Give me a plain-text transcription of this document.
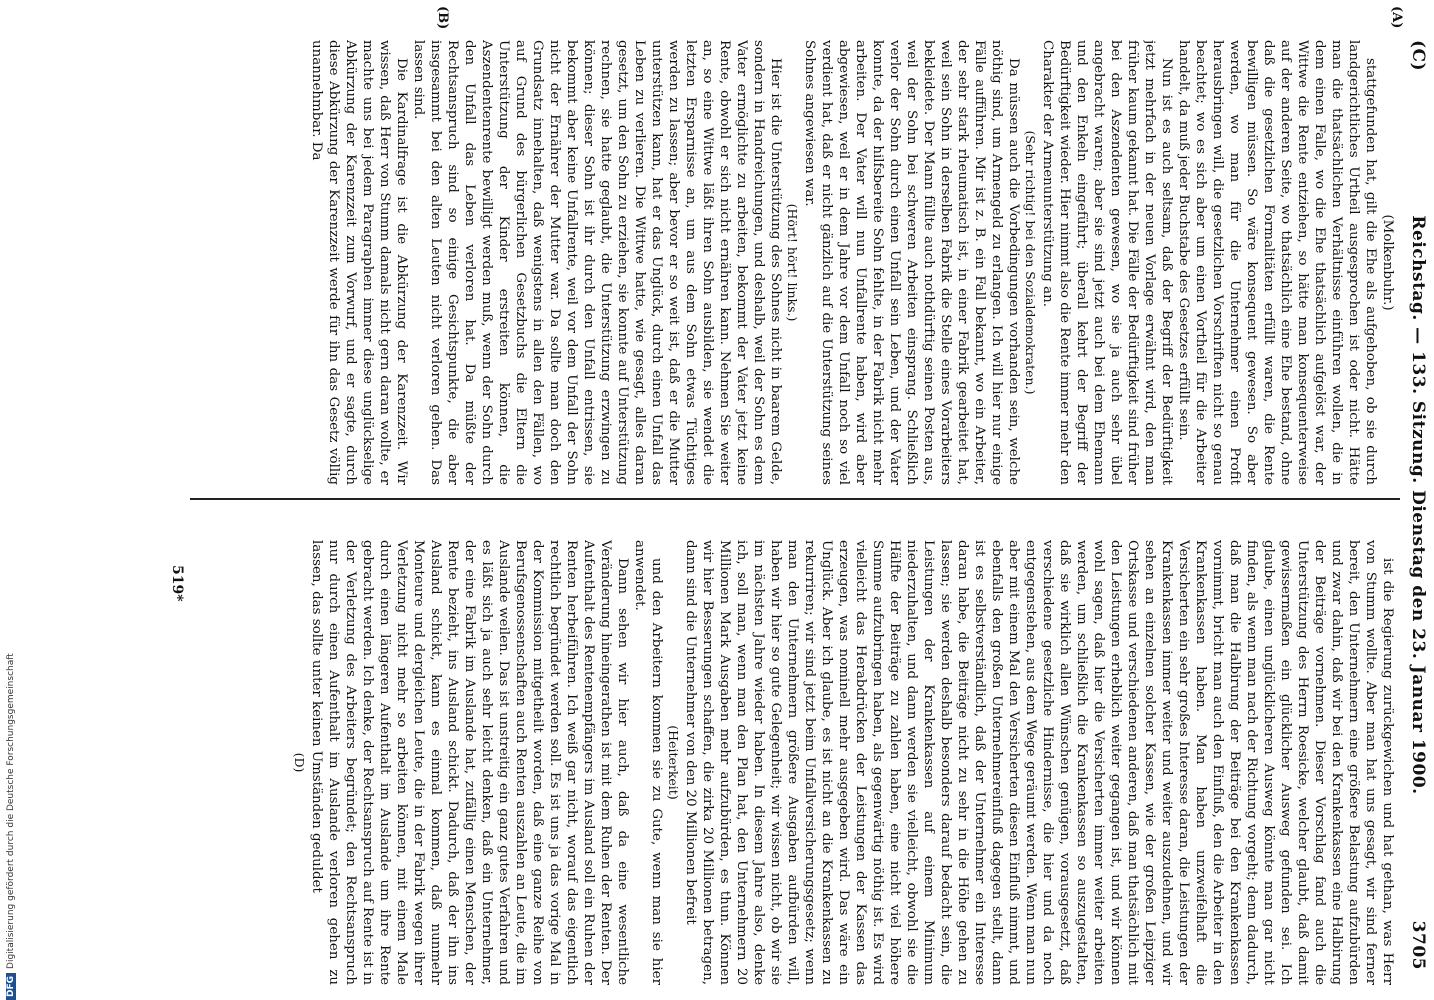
(C)
Reichstag. — 133. Sitzung. Dienstag den 23. Januar 1900.
3705
(A)
(B)

(Molkenbuhr.)

stattgefunden hat, gilt die Ehe als aufgehoben, ob sie durch landgerichtliches Urtheil ausgesprochen ist oder nicht. Hätte man die thatsächlichen Verhältnisse einführen wollen, die in dem einen Falle, wo die Ehe thatsächlich aufgelöst war, der Wittwe die Rente entziehen, so hätte man konsequenterweise auf der anderen Seite, wo thatsächlich eine Ehe bestand, ohne daß die gesetzlichen Formalitäten erfüllt waren, die Rente bewilligen müssen. So wäre konsequent gewesen. So aber werden, wo man für die Unternehmer einen Profit herausbringen will, die gesetzlichen Vorschriften nicht so genau beachtet; wo es sich aber um einen Vortheil für die Arbeiter handelt, da muß jeder Buchstabe des Gesetzes erfüllt sein.

Nun ist es auch seltsam, daß der Begriff der Bedürftigkeit jetzt mehrfach in der neuen Vorlage erwähnt wird, den man früher kaum gekannt hat. Die Fälle der Bedürftigkeit sind früher bei den Aszendenten gewesen, wo sie ja auch sehr übel angebracht waren; aber sie sind jetzt auch bei dem Ehemann und den Enkeln eingeführt; überall kehrt der Begriff der Bedürftigkeit wieder. Hier nimmt also die Rente immer mehr den Charakter der Armenunterstützung an.

(Sehr richtig! bei den Sozialdemokraten.)

Da müssen auch die Vorbedingungen vorhanden sein, welche nöthig sind, um Armengeld zu erlangen. Ich will hier nur einige Fälle aufführen. Mir ist z. B. ein Fall bekannt, wo ein Arbeiter, der sehr stark rheumatisch ist, in einer Fabrik gearbeitet hat, weil sein Sohn in derselben Fabrik die Stelle eines Vorarbeiters bekleidete. Der Mann füllte auch nothdürftig seinen Posten aus, weil der Sohn bei schweren Arbeiten einsprang. Schließlich verlor der Sohn durch einen Unfall sein Leben, und der Vater konnte, da der hilfsbereite Sohn fehlte, in der Fabrik nicht mehr arbeiten. Der Vater will nun Unfallrente haben, wird aber abgewiesen, weil er in dem Jahre vor dem Unfall noch so viel verdient hat, daß er nicht gänzlich auf die Unterstützung seines Sohnes angewiesen war.

(Hört! hört! links.)

Hier ist die Unterstützung des Sohnes nicht in baarem Gelde, sondern in Handreichungen, und deshalb, weil der Sohn es dem Vater ermöglichte zu arbeiten, bekommt der Vater jetzt keine Rente, obwohl er sich nicht ernähren kann. Nehmen Sie weiter an, so eine Wittwe läßt ihren Sohn ausbilden, sie wendet die letzten Ersparnisse an, um aus dem Sohn etwas Tüchtiges werden zu lassen; aber bevor er so weit ist, daß er die Mutter unterstützen kann, hat er das Unglück, durch einen Unfall das Leben zu verlieren. Die Wittwe hatte, wie gesagt, alles daran gesetzt, um den Sohn zu erziehen, sie konnte auf Unterstützung rechnen, sie hatte geglaubt, die Unterstützung erzwingen zu können; dieser Sohn ist ihr durch den Unfall entrissen, sie bekommt aber keine Unfallrente, weil vor dem Unfall der Sohn nicht der Ernährer der Mutter war. Da sollte man doch den Grundsatz innehalten, daß wenigstens in allen den Fällen, wo auf Grund des bürgerlichen Gesetzbuchs die Eltern die Unterstützung der Kinder erstreiten können, die Aszendentenrente bewilligt werden muß, wenn der Sohn durch den Unfall das Leben verloren hat. Da müßte der Rechtsanspruch sind so einige Gesichtspunkte, die aber insgesammt bei den alten Leuten nicht verloren gehen. Das lassen sind.

Die Kardinalfrage ist die Abkürzung der Karenzzeit. Wir wissen, daß Herr von Stumm damals nicht gern daran wollte, er machte uns bei jedem Paragraphen immer diese unglückselige Abkürzung der Karenzzeit zum Vorwurf, und er sagte, durch diese Abkürzung der Karenzzeit werde für ihn das Gesetz völlig unannehmbar. Da

ist die Regierung zurückgewichen und hat gethan, was Herr von Stumm wollte. Aber man hat uns gesagt, wir sind ferner bereit, den Unternehmern eine größere Belastung aufzubürden und zwar dahin, daß wir bei den Krankenkassen eine Halbirung der Beiträge vornehmen. Dieser Vorschlag fand auch die Unterstützung des Herrn Roesicke, welcher glaubt, daß damit gewissermaßen ein glücklicher Ausweg gefunden sei. Ich glaube, einen unglücklicheren Ausweg könnte man gar nicht finden, als wenn man nach der Richtung vorgeht; denn dadurch, daß man die Halbirung der Beiträge bei den Krankenkassen vornimmt, bricht man auch den Einfluß, den die Arbeiter in den Krankenkassen haben. Man haben unzweifelhaft die Versicherten ein sehr großes Interesse daran, die Leistungen der Krankenkassen immer weiter und weiter auszudehnen, und wir sehen an einzelnen solcher Kassen, wie der großen Leipziger Ortskasse und verschiedenen anderen, daß man thatsächlich mit den Leistungen erheblich weiter gegangen ist, und wir können wohl sagen, daß hier die Versicherten immer weiter arbeiten werden, um schließlich die Krankenkassen so auszugestalten, daß sie wirklich allen Wünschen genügen, vorausgesetzt, daß verschiedene gesetzliche Hindernisse, die hier und da noch entgegenstehen, aus dem Wege geräumt werden. Wenn man nun aber mit einem Mal den Versicherten diesen Einfluß nimmt, und ebenfalls den großen Unternehmereinfluß dagegen stellt, dann ist es selbstverständlich, daß der Unternehmer ein Interesse daran habe, die Beiträge nicht zu sehr in die Höhe gehen zu lassen; sie werden deshalb besonders darauf bedacht sein, die Leistungen der Krankenkassen auf einem Minimum niederzuhalten, und dann werden sie vielleicht, obwohl sie die Hälfte der Beiträge zu zahlen haben, eine nicht viel höhere Summe aufzubringen haben, als gegenwärtig nöthig ist. Es wird vielleicht das Herabdrücken der Leistungen der Kassen das erzeugen, was nominell mehr ausgegeben wird. Das wäre ein Unglück. Aber ich glaube, es ist nicht an die Krankenkassen zu rekurriren; wir sind jetzt beim Unfallversicherungsgesetz; wenn man den Unternehmern größere Ausgaben aufbürden will, haben wir hier so gute Gelegenheit; wir wissen nicht, ob wir sie im nächsten Jahre wieder haben. In diesem Jahre also, denke ich, soll man, wenn man den Plan hat, den Unternehmern 20 Millionen Mark Ausgaben mehr aufzubürden, es thun. Können wir hier Besserungen schaffen, die zirka 20 Millionen betragen, dann sind die Unternehmer von den 20 Millionen befreit

(Heiterkeit)

und den Arbeitern kommen sie zu Gute, wenn man sie hier anwendet.

Dann sehen wir hier auch, daß da eine wesentliche Veränderung hineingerathen ist mit dem Ruhen der Renten. Der Aufenthalt des Rentenempfängers im Ausland soll ein Ruhen der Renten herbeiführen. Ich weiß gar nicht, worauf das eigentlich rechtlich begründet werden soll. Es ist uns ja das vorige Mal in der Kommission mitgetheilt worden, daß eine ganze Reihe von Berufsgenossenschaften auch Renten auszahlen an Leute, die im Auslande weilen. Das ist unstreitig ein ganz gutes Verfahren und es läßt sich ja auch sehr leicht denken, daß ein Unternehmer, der eine Fabrik im Auslande hat, zufällig einen Menschen, der Rente bezieht, ins Ausland schickt. Dadurch, daß der ihn ins Ausland schickt, kann es einmal kommen, daß nunmehr Monteure und dergleichen Leute, die in der Fabrik wegen ihrer Verletzung nicht mehr so arbeiten können, mit einem Male durch einen längeren Aufenthalt im Auslande um ihre Rente gebracht werden. Ich denke, der Rechtsanspruch auf Rente ist in der Verletzung des Arbeiters begründet; den Rechtsanspruch nur durch einen Aufenthalt im Auslande verloren gehen zu lassen, das sollte unter keinen Umständen geduldet

(D)

519*
DFGDigitalisierung gefördert durch die Deutsche Forschungsgemeinschaft
